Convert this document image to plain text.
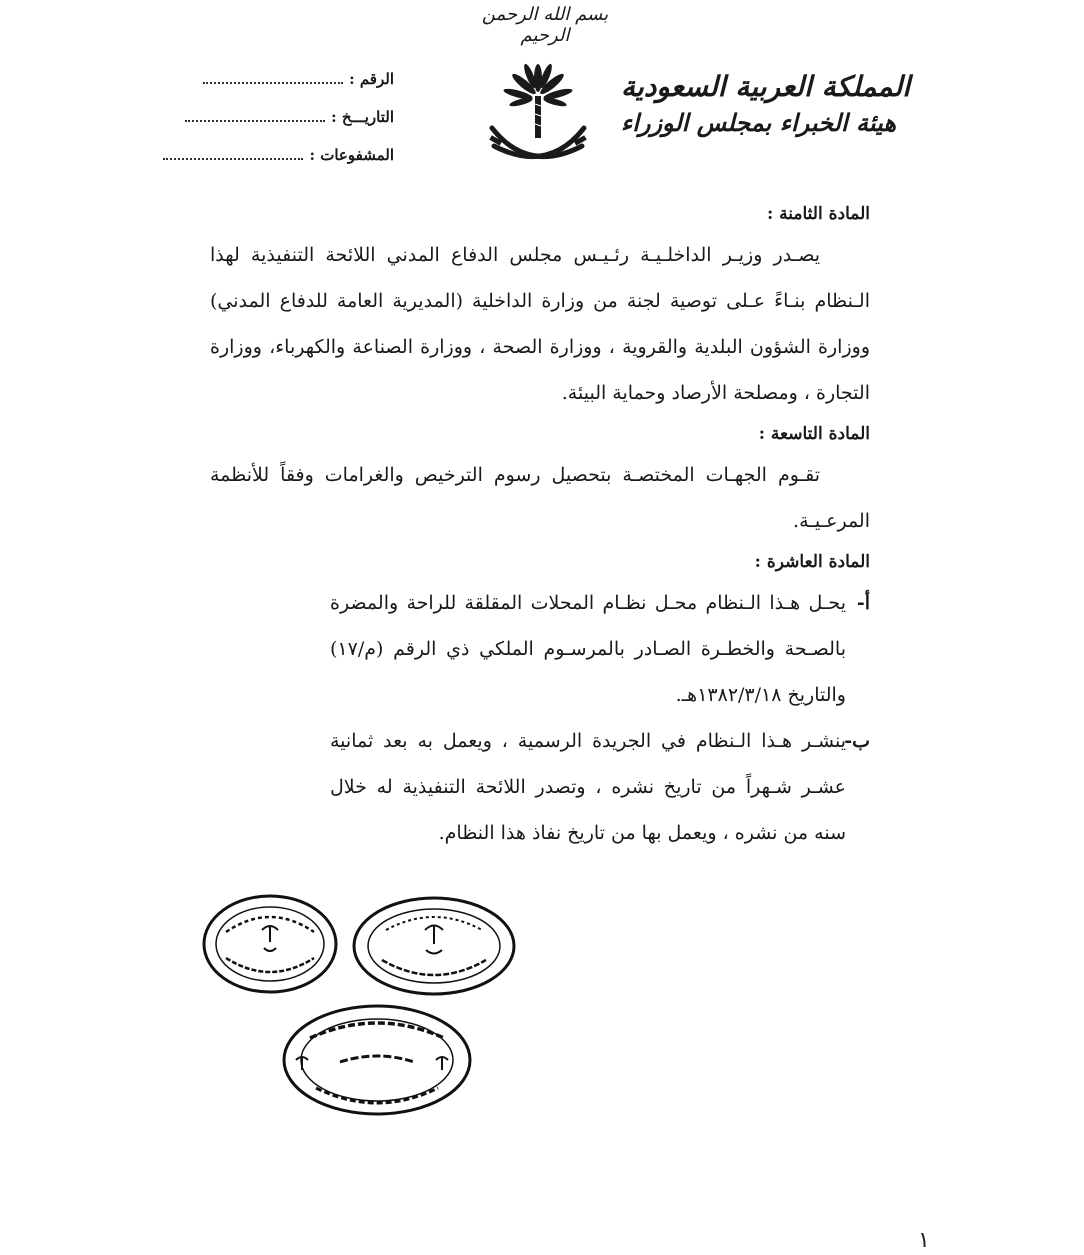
بسم الله الرحمن الرحيم
المملكة العربية السعودية
هيئة الخبراء بمجلس الوزراء
الرقم :
التاريـــخ :
المشفوعات :

المادة الثامنة :

يصـدر وزيـر الداخلـيـة رئـيـس مجلس الدفاع المدني اللائحة التنفيذية لهذا الـنظام بنـاءً عـلى توصية لجنة من وزارة الداخلية (المديرية العامة للدفاع المدني) ووزارة الشؤون البلدية والقروية ، ووزارة الصحة ، ووزارة الصناعة والكهرباء، ووزارة التجارة ، ومصلحة الأرصاد وحماية البيئة.

المادة التاسعة :

تقـوم الجهـات المختصـة بتحصيل رسوم الترخيص والغرامات وفقاً للأنظمة المرعـيـة.

المادة العاشرة :

أ-

يحـل هـذا الـنظام محـل نظـام المحلات المقلقة للراحة والمضرة بالصـحة والخطـرة الصـادر بالمرسـوم الملكي ذي الرقم (م/١٧) والتاريخ ١٣٨٢/٣/١٨هـ.

ب-

ينشـر هـذا الـنظام في الجريدة الرسمية ، ويعمل به بعد ثمانية عشـر شـهراً من تاريخ نشره ، وتصدر اللائحة التنفيذية له خلال سنه من نشره ، ويعمل بها من تاريخ نفاذ هذا النظام.

١
